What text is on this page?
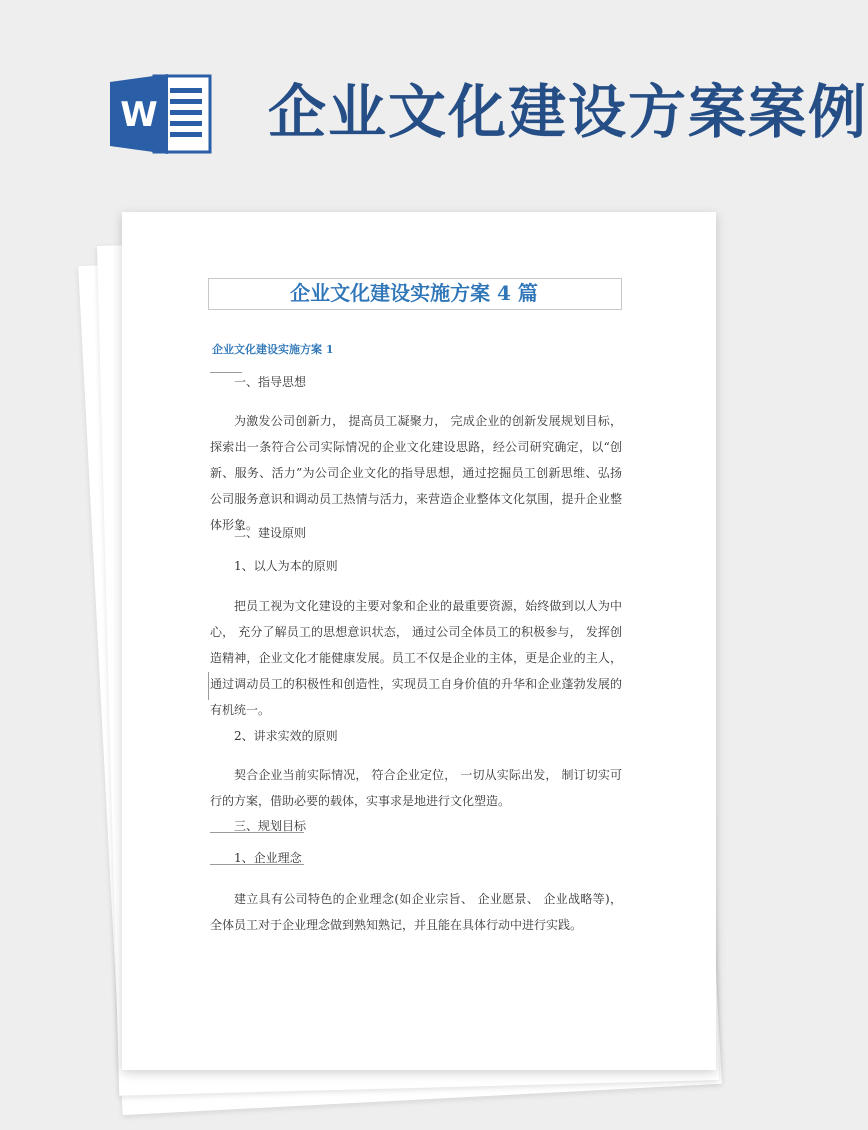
W 企业文化建设方案案例
企业文化建设实施方案 4 篇
企业文化建设实施方案 1
一、指导思想
为激发公司创新力， 提高员工凝聚力， 完成企业的创新发展规划目标， 探索出一条符合公司实际情况的企业文化建设思路，经公司研究确定，以“创新、服务、活力”为公司企业文化的指导思想，通过挖掘员工创新思维、弘扬公司服务意识和调动员工热情与活力，来营造企业整体文化氛围，提升企业整体形象。
二、建设原则
1、以人为本的原则
把员工视为文化建设的主要对象和企业的最重要资源，始终做到以人为中心， 充分了解员工的思想意识状态， 通过公司全体员工的积极参与， 发挥创造精神，企业文化才能健康发展。员工不仅是企业的主体，更是企业的主人，通过调动员工的积极性和创造性，实现员工自身价值的升华和企业蓬勃发展的有机统一。
2、讲求实效的原则
契合企业当前实际情况， 符合企业定位， 一切从实际出发， 制订切实可行的方案，借助必要的载体，实事求是地进行文化塑造。
三、规划目标
1、企业理念
建立具有公司特色的企业理念(如企业宗旨、 企业愿景、 企业战略等)，全体员工对于企业理念做到熟知熟记，并且能在具体行动中进行实践。
